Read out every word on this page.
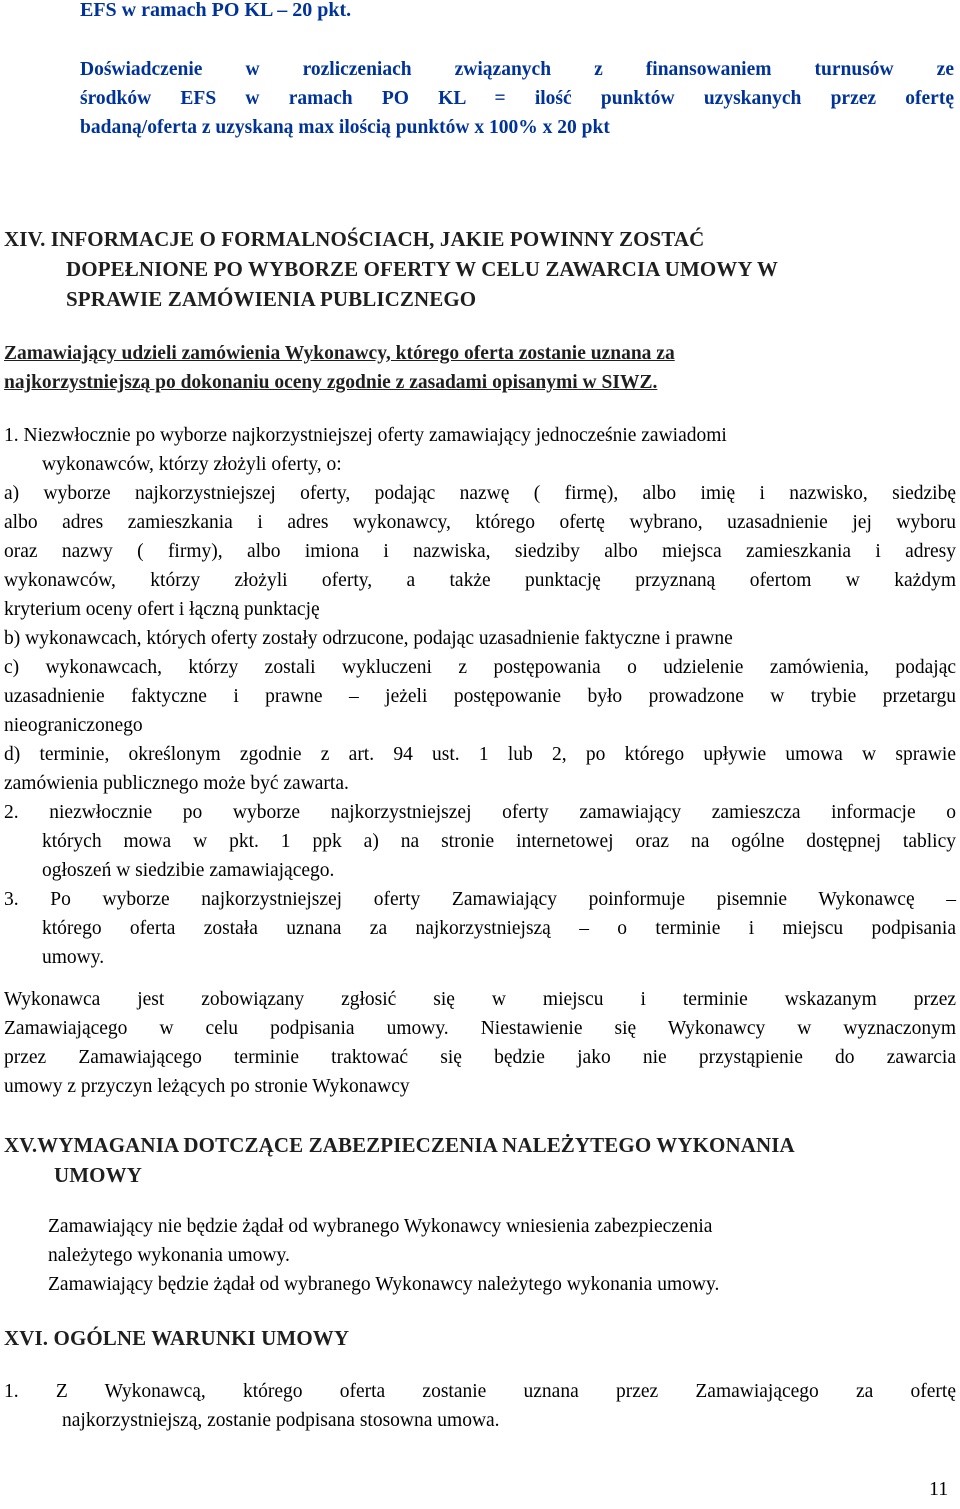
EFS w ramach PO KL – 20 pkt.
Doświadczenie w rozliczeniach związanych z finansowaniem turnusów ze
środków EFS w ramach PO KL = ilość punktów uzyskanych przez ofertę
badaną/oferta z uzyskaną max ilością punktów x 100% x 20 pkt
XIV. INFORMACJE O FORMALNOŚCIACH, JAKIE POWINNY ZOSTAĆ
DOPEŁNIONE PO WYBORZE OFERTY W CELU ZAWARCIA UMOWY W
SPRAWIE ZAMÓWIENIA PUBLICZNEGO
Zamawiający udzieli zamówienia Wykonawcy, którego oferta zostanie uznana za
najkorzystniejszą po dokonaniu oceny zgodnie z zasadami opisanymi w SIWZ.
1. Niezwłocznie po wyborze najkorzystniejszej oferty zamawiający jednocześnie zawiadomi
wykonawców, którzy złożyli oferty, o:
a) wyborze najkorzystniejszej oferty, podając nazwę ( firmę), albo imię i nazwisko, siedzibę
albo adres zamieszkania i adres wykonawcy, którego ofertę wybrano, uzasadnienie jej wyboru
oraz nazwy ( firmy), albo imiona i nazwiska, siedziby albo miejsca zamieszkania i adresy
wykonawców, którzy złożyli oferty, a także punktację przyznaną ofertom w każdym
kryterium oceny ofert i łączną punktację
b) wykonawcach, których oferty zostały odrzucone, podając uzasadnienie faktyczne i prawne
c) wykonawcach, którzy zostali wykluczeni z postępowania o udzielenie zamówienia, podając
uzasadnienie faktyczne i prawne – jeżeli postępowanie było prowadzone w trybie przetargu
nieograniczonego
d) terminie, określonym zgodnie z art. 94 ust. 1 lub 2, po którego upływie umowa w sprawie
zamówienia publicznego może być zawarta.
2. niezwłocznie po wyborze najkorzystniejszej oferty zamawiający zamieszcza informacje o
których mowa w pkt. 1 ppk a) na stronie internetowej oraz na ogólne dostępnej tablicy
ogłoszeń w siedzibie zamawiającego.
3. Po wyborze najkorzystniejszej oferty Zamawiający poinformuje pisemnie Wykonawcę –
którego oferta została uznana za najkorzystniejszą – o terminie i miejscu podpisania
umowy.
Wykonawca jest zobowiązany zgłosić się w miejscu i terminie wskazanym przez
Zamawiającego w celu podpisania umowy. Niestawienie się Wykonawcy w wyznaczonym
przez Zamawiającego terminie traktować się będzie jako nie przystąpienie do zawarcia
umowy z przyczyn leżących po stronie Wykonawcy
XV.WYMAGANIA DOTCZĄCE ZABEZPIECZENIA NALEŻYTEGO WYKONANIA
UMOWY
Zamawiający nie będzie żądał od wybranego Wykonawcy wniesienia zabezpieczenia
należytego wykonania umowy.
Zamawiający będzie żądał od wybranego Wykonawcy należytego wykonania umowy.
XVI. OGÓLNE WARUNKI UMOWY
1. Z Wykonawcą, którego oferta zostanie uznana przez Zamawiającego za ofertę
najkorzystniejszą, zostanie podpisana stosowna umowa.
11
